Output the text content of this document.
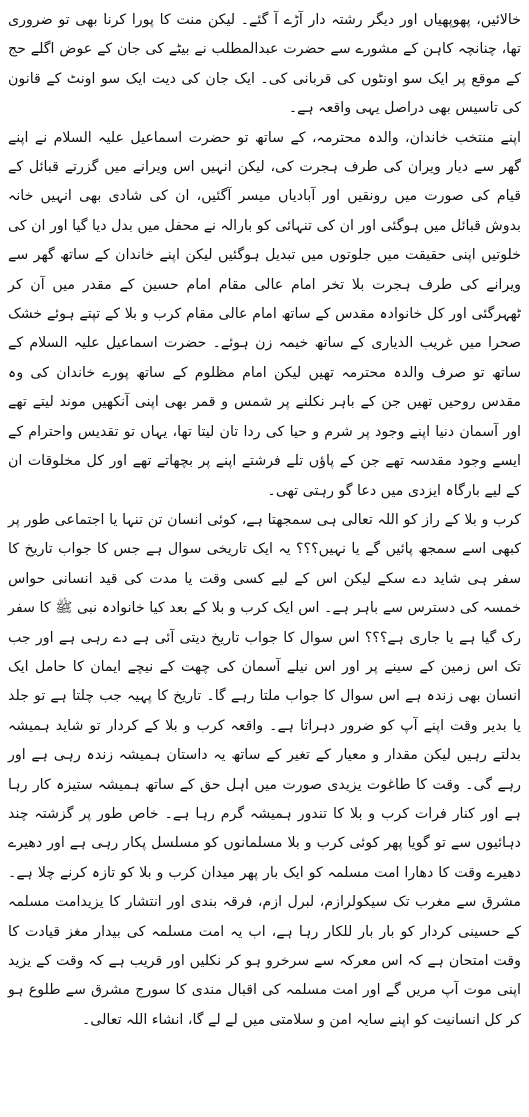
خالائیں، پھوپھیاں اور دیگر رشتہ دار آڑے آ گئے۔ لیکن منت کا پورا کرنا بھی تو ضروری تھا، چنانچہ کاہن کے مشورے سے حضرت عبدالمطلب نے بیٹے کی جان کے عوض اگلے حج کے موقع پر ایک سو اونٹوں کی قربانی کی۔ ایک جان کی دیت ایک سو اونٹ کے قانون کی تاسیس بھی دراصل یہی واقعہ ہے۔

اپنے منتخب خاندان، والدہ محترمہ، کے ساتھ تو حضرت اسماعیل علیہ السلام نے اپنے گھر سے دیار ویران کی طرف ہجرت کی، لیکن انہیں اس ویرانے میں گزرتے قبائل کے قیام کی صورت میں رونقیں اور آبادیاں میسر آگئیں، ان کی شادی بھی انہیں خانہ بدوش قبائل میں ہوگئی اور ان کی تنہائی کو بارالہ نے محفل میں بدل دیا گیا اور ان کی خلوتیں اپنی حقیقت میں جلوتوں میں تبدیل ہوگئیں لیکن اپنے خاندان کے ساتھ گھر سے ویرانے کی طرف ہجرت بلا تخر امام عالی مقام امام حسین کے مقدر میں آن کر ٹھہرگئی اور کل خانوادہ مقدس کے ساتھ امام عالی مقام کرب و بلا کے تپتے ہوئے خشک صحرا میں غریب الدیاری کے ساتھ خیمہ زن ہوئے۔ حضرت اسماعیل علیہ السلام کے ساتھ تو صرف والدہ محترمہ تھیں لیکن امام مظلوم کے ساتھ پورے خاندان کی وہ مقدس روحیں تھیں جن کے باہر نکلنے پر شمس و قمر بھی اپنی آنکھیں موند لیتے تھے اور آسمان دنیا اپنے وجود پر شرم و حیا کی ردا تان لیتا تھا، یہاں تو تقدیس واحترام کے ایسے وجود مقدسہ تھے جن کے پاؤں تلے فرشتے اپنے پر بچھاتے تھے اور کل مخلوقات ان کے لیے بارگاہ ایزدی میں دعا گو رہتی تھی۔

کرب و بلا کے راز کو اللہ تعالی ہی سمجھتا ہے، کوئی انسان تن تنہا یا اجتماعی طور پر کبھی اسے سمجھ پائیں گے یا نہیں؟؟؟ یہ ایک تاریخی سوال ہے جس کا جواب تاریخ کا سفر ہی شاید دے سکے لیکن اس کے لیے کسی وقت یا مدت کی قید انسانی حواس خمسہ کی دسترس سے باہر ہے۔ اس ایک کرب و بلا کے بعد کیا خانوادہ نبی ﷺ کا سفر رک گیا ہے یا جاری ہے؟؟؟ اس سوال کا جواب تاریخ دیتی آئی ہے دے رہی ہے اور جب تک اس زمین کے سینے پر اور اس نیلے آسمان کی چھت کے نیچے ایمان کا حامل ایک انسان بھی زندہ ہے اس سوال کا جواب ملتا رہے گا۔ تاریخ کا پہیہ جب چلتا ہے تو جلد یا بدیر وقت اپنے آپ کو ضرور دہراتا ہے۔ واقعہ کرب و بلا کے کردار تو شاید ہمیشہ بدلتے رہیں لیکن مقدار و معیار کے تغیر کے ساتھ یہ داستان ہمیشہ زندہ رہی ہے اور رہے گی۔ وقت کا طاغوت یزیدی صورت میں اہل حق کے ساتھ ہمیشہ ستیزہ کار رہا ہے اور کنار فرات کرب و بلا کا تندور ہمیشہ گرم رہا ہے۔ خاص طور پر گزشتہ چند دہائیوں سے تو گویا پھر کوئی کرب و بلا مسلمانوں کو مسلسل پکار رہی ہے اور دھیرے دھیرے وقت کا دھارا امت مسلمہ کو ایک بار پھر میدان کرب و بلا کو تازہ کرنے چلا ہے۔ مشرق سے مغرب تک سیکولرازم، لبرل ازم، فرقہ بندی اور انتشار کا یزیدامت مسلمہ کے حسینی کردار کو بار بار للکار رہا ہے، اب یہ امت مسلمہ کی بیدار مغز قیادت کا وقت امتحان ہے کہ اس معرکہ سے سرخرو ہو کر نکلیں اور قریب ہے کہ وقت کے یزید اپنی موت آپ مریں گے اور امت مسلمہ کی اقبال مندی کا سورج مشرق سے طلوع ہو کر کل انسانیت کو اپنے سایہ امن و سلامتی میں لے لے گا، انشاء اللہ تعالی۔
